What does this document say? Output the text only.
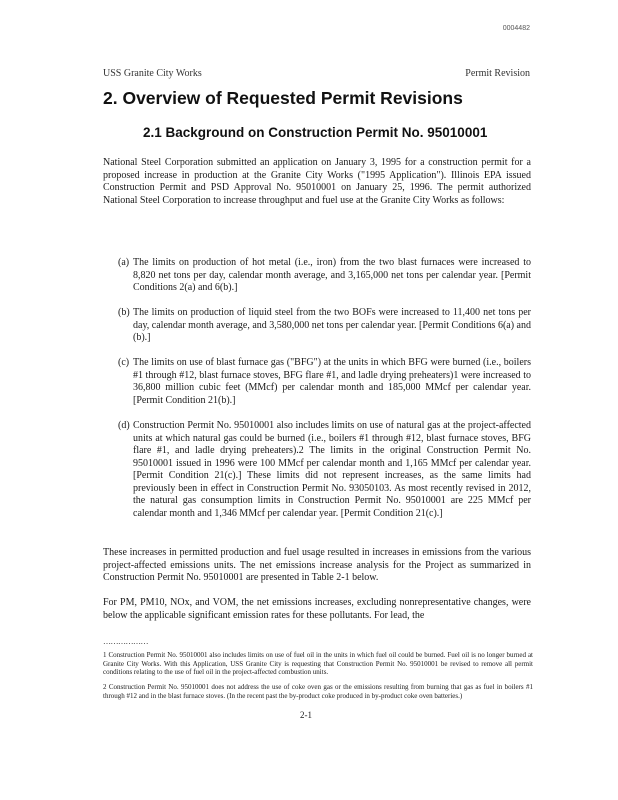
0004482
USS Granite City Works	Permit Revision
2. Overview of Requested Permit Revisions
2.1 Background on Construction Permit No. 95010001

National Steel Corporation submitted an application on January 3, 1995 for a construction permit for a proposed increase in production at the Granite City Works ("1995 Application"). Illinois EPA issued Construction Permit and PSD Approval No. 95010001 on January 25, 1996. The permit authorized National Steel Corporation to increase throughput and fuel use at the Granite City Works as follows:

(a) The limits on production of hot metal (i.e., iron) from the two blast furnaces were increased to 8,820 net tons per day, calendar month average, and 3,165,000 net tons per calendar year. [Permit Conditions 2(a) and 6(b).]
(b) The limits on production of liquid steel from the two BOFs were increased to 11,400 net tons per day, calendar month average, and 3,580,000 net tons per calendar year. [Permit Conditions 6(a) and (b).]
(c) The limits on use of blast furnace gas ("BFG") at the units in which BFG were burned (i.e., boilers #1 through #12, blast furnace stoves, BFG flare #1, and ladle drying preheaters)1 were increased to 36,800 million cubic feet (MMcf) per calendar month and 185,000 MMcf per calendar year. [Permit Condition 21(b).]
(d) Construction Permit No. 95010001 also includes limits on use of natural gas at the project-affected units at which natural gas could be burned (i.e., boilers #1 through #12, blast furnace stoves, BFG flare #1, and ladle drying preheaters).2 The limits in the original Construction Permit No. 95010001 issued in 1996 were 100 MMcf per calendar month and 1,165 MMcf per calendar year. [Permit Condition 21(c).] These limits did not represent increases, as the same limits had previously been in effect in Construction Permit No. 93050103. As most recently revised in 2012, the natural gas consumption limits in Construction Permit No. 95010001 are 225 MMcf per calendar month and 1,346 MMcf per calendar year. [Permit Condition 21(c).]

These increases in permitted production and fuel usage resulted in increases in emissions from the various project-affected emissions units. The net emissions increase analysis for the Project as summarized in Construction Permit No. 95010001 are presented in Table 2-1 below.

For PM, PM10, NOx, and VOM, the net emissions increases, excluding nonrepresentative changes, were below the applicable significant emission rates for these pollutants. For lead, the

………………
1 Construction Permit No. 95010001 also includes limits on use of fuel oil in the units in which fuel oil could be burned. Fuel oil is no longer burned at Granite City Works. With this Application, USS Granite City is requesting that Construction Permit No. 95010001 be revised to remove all permit conditions relating to the use of fuel oil in the project-affected combustion units.
2 Construction Permit No. 95010001 does not address the use of coke oven gas or the emissions resulting from burning that gas as fuel in boilers #1 through #12 and in the blast furnace stoves. (In the recent past the by-product coke produced in by-product coke oven batteries.)
2-1
